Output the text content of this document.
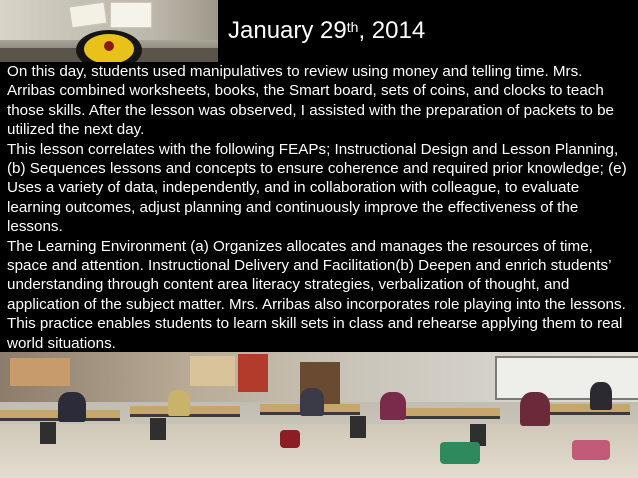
January 29th , 2014

On this day, students used manipulatives to review using money and telling time. Mrs. Arribas combined worksheets, books, the Smart board, sets of coins, and clocks to teach those skills. After the lesson was observed, I assisted with the preparation of packets to be utilized the next day.

This lesson correlates with the following FEAPs; Instructional Design and Lesson Planning, (b) Sequences lessons and concepts to ensure coherence and required prior knowledge; (e) Uses a variety of data, independently, and in collaboration with colleague, to evaluate learning outcomes, adjust planning and continuously improve the effectiveness of the lessons.

The Learning Environment (a) Organizes allocates and manages the resources of time, space and attention. Instructional Delivery and Facilitation(b) Deepen and enrich students’ understanding through content area literacy strategies, verbalization of thought, and application of the subject matter. Mrs. Arribas also incorporates role playing into the lessons. This practice enables students to learn skill sets in class and rehearse applying them to real world situations.
